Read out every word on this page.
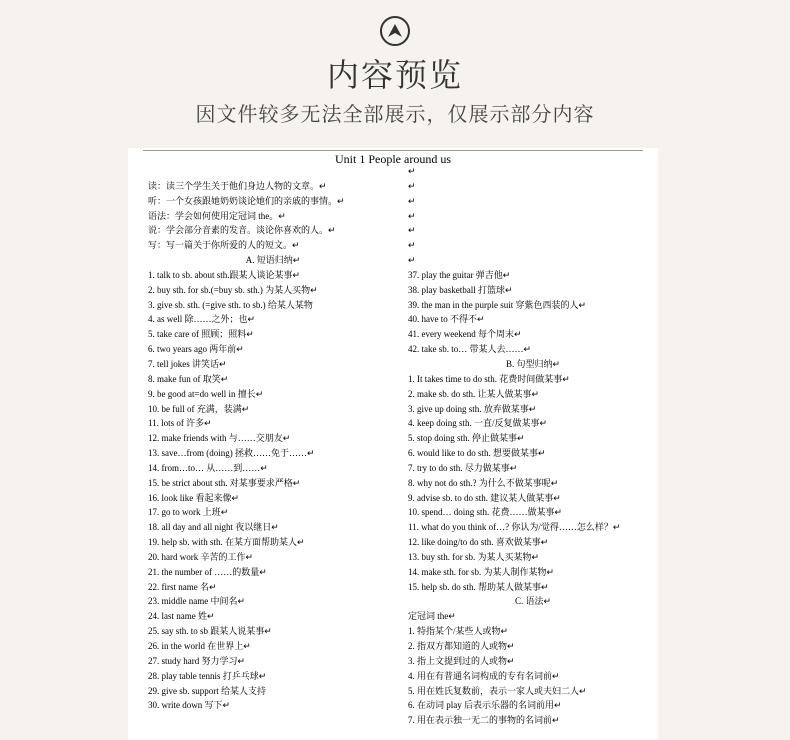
内容预览
因文件较多无法全部展示，仅展示部分内容
Unit 1 People around us
读：读三个学生关于他们身边人物的文章。↵
听：一个女孩跟她奶奶谈论她们的亲戚的事情。↵
语法：学会如何使用定冠词 the。↵
说：学会部分音素的发音。谈论你喜欢的人。↵
写：写一篇关于你所爱的人的短文。↵
A. 短语归纳↵
1. talk to sb. about sth.跟某人谈论某事↵
2. buy sth. for sb.(=buy sb. sth.) 为某人买物↵
3. give sb. sth. (=give sth. to sb.) 给某人某物
4. as well 除……之外；也↵
5. take care of 照顾；照料↵
6. two years ago 两年前↵
7. tell jokes 讲笑话↵
8. make fun of 取笑↵
9. be good at=do well in 擅长↵
10. be full of 充满，装满↵
11. lots of 许多↵
12. make friends with 与……交朋友↵
13. save…from (doing) 拯救……免于……↵
14. from…to… 从……到……↵
15. be strict about sth. 对某事要求严格↵
16. look like 看起来像↵
17. go to work 上班↵
18. all day and all night 夜以继日↵
19. help sb. with sth. 在某方面帮助某人↵
20. hard work 辛苦的工作↵
21. the number of ……的数量↵
22. first name 名↵
23. middle name 中间名↵
24. last name 姓↵
25. say sth. to sb 跟某人说某事↵
26. in the world 在世界上↵
27. study hard 努力学习↵
28. play table tennis 打乒乓球↵
29. give sb. support 给某人支持
30. write down 写下↵
↵
↵
↵
↵
↵
↵
↵
37. play the guitar 弹吉他↵
38. play basketball 打篮球↵
39. the man in the purple suit 穿紫色西装的人↵
40. have to 不得不↵
41. every weekend 每个周末↵
42. take sb. to… 带某人去……↵
B. 句型归纳↵
1. It takes time to do sth. 花费时间做某事↵
2. make sb. do sth. 让某人做某事↵
3. give up doing sth. 放弃做某事↵
4. keep doing sth. 一直/反复做某事↵
5. stop doing sth. 停止做某事↵
6. would like to do sth. 想要做某事↵
7. try to do sth. 尽力做某事↵
8. why not do sth.? 为什么不做某事呢↵
9. advise sb. to do sth. 建议某人做某事↵
10. spend… doing sth. 花费……做某事↵
11. what do you think of…? 你认为/觉得……怎么样？↵
12. like doing/to do sth. 喜欢做某事↵
13. buy sth. for sb. 为某人买某物↵
14. make sth. for sb. 为某人制作某物↵
15. help sb. do sth. 帮助某人做某事↵
C. 语法↵
定冠词 the↵
1. 特指某个/某些人或物↵
2. 指双方都知道的人或物↵
3. 指上文提到过的人或物↵
4. 用在有普通名词构成的专有名词前↵
5. 用在姓氏复数前，表示一家人或夫妇二人↵
6. 在动词 play 后表示乐器的名词前用↵
7. 用在表示独一无二的事物的名词前↵
